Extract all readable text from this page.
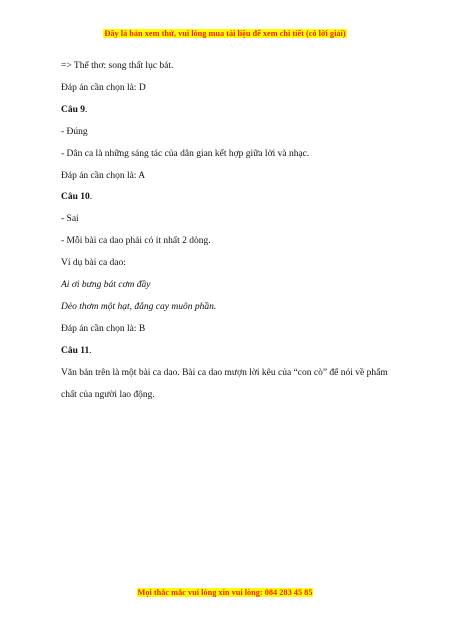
Đây là bản xem thử, vui lòng mua tài liệu để xem chi tiết (có lời giải)

=> Thể thơ: song thất lục bát.

Đáp án cần chọn là: D

Câu 9.

- Đúng

- Dân ca là những sáng tác của dân gian kết hợp giữa lời và nhạc.

Đáp án cần chọn là: A

Câu 10.

- Sai

- Mỗi bài ca dao phải có ít nhất 2 dòng.

Ví dụ bài ca dao:

Ai ơi bưng bát cơm đầy

Dẻo thơm một hạt, đắng cay muôn phần.

Đáp án cần chọn là: B

Câu 11.

Văn bản trên là một bài ca dao. Bài ca dao mượn lời kêu của “con cò” để nói về phẩm chất của người lao động.

Mọi thắc mắc vui lòng xin vui lòng: 084 283 45 85
